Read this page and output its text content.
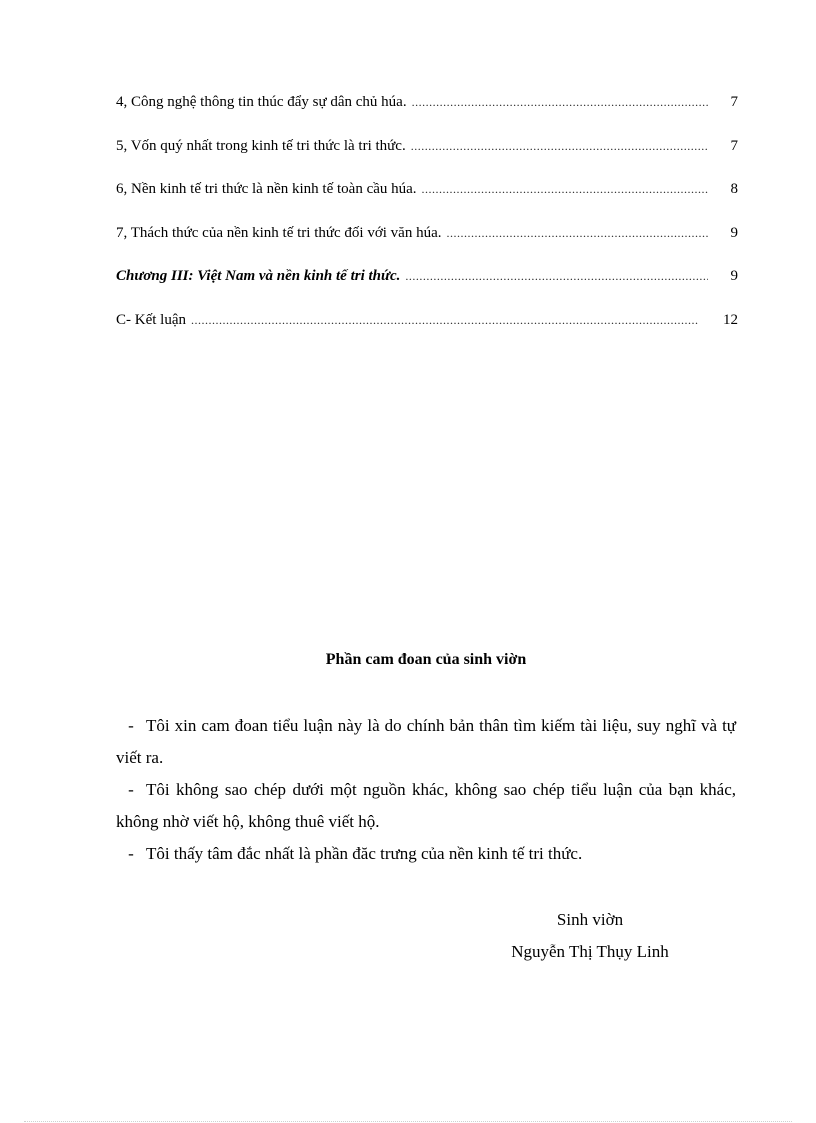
4, Công nghệ thông tin thúc đẩy sự dân chủ húa. .....	7
5, Vốn quý nhất trong kinh tế tri thức là tri thức. .....	7
6, Nền kinh tế tri thức là nền kinh tế toàn cầu húa. .....	8
7, Thách thức của nền kinh tế tri thức đối với văn húa. .....	9
Chương III: Việt Nam và nền kinh tế tri thức. .....	9
C- Kết luận .....	12
Phần cam đoan của sinh viờn
- Tôi xin cam đoan tiểu luận này là do chính bản thân tìm kiếm tài liệu, suy nghĩ và tự viết ra.
- Tôi không sao chép dưới một nguồn khác, không sao chép tiểu luận của bạn khác, không nhờ viết hộ, không thuê viết hộ.
- Tôi thấy tâm đắc nhất là phần đăc trưng của nền kinh tế tri thức.
Sinh viờn
Nguyễn Thị Thụy Linh
